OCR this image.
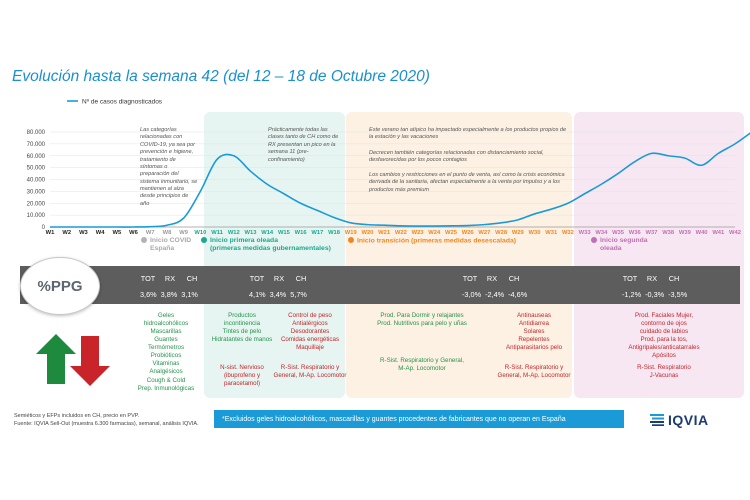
Evolución hasta la semana 42 (del 12 – 18 de Octubre 2020)
0
10.000
20.000
30.000
40.000
50.000
60.000
70.000
80.000
W1 W2 W3 W4 W5 W6 W7 W8 W9 W10 W11 W12 W13 W14 W15 W16 W17 W18 W19 W20 W21 W22 W23 W24 W25 W26 W27 W28 W29 W30 W31 W32 W33 W34 W35 W36 W37 W38 W39 W40 W41 W42
Nº de casos diagnosticados
Las categorías relacionadas con COVID-19, ya sea por prevención e higiene, tratamiento de síntomas o preparación del sistema inmunitario, se mantienen al alza desde principios de año
Prácticamente todas las clases tanto de CH como de RX presentan un pico en la semana 11 (pre- confinamiento)
Este verano tan atípico ha impactado especialmente a los productos propios de la estación y las vacaciones
Decrecen también categorías relacionadas con distanciamiento social, desfavorecidas por los pocos contagios
Los cambios y restricciones en el punto de venta, así como la crisis económica derivada de la sanitaria, afectan especialmente a la venta por impulso y a los productos más premium
Inicio COVID
España
Inicio primera oleada
(primeras medidas gubernamentales)
Inicio transición (primeras medidas desescalada)	Inicio segunda
oleada
%PPG	TOT	RX	CH
3,6% 3,8% 3,1%
TOT	RX	CH
4,1% 3,4% 5,7%
TOT	RX	CH
-3,0% -2,4% -4,6%
TOT	RX	CH
-1,2% -0,3% -3,5%
Geles
hidroalcohólicos
Mascarillas
Guantes
Termómetros
Probióticos
Vitaminas
Analgésicos
Cough & Cold
Prep. Inmunológicas
Productos
incontinencia
Tintes de pelo
Hidratantes de manos
N-sist. Nervioso
(ibuprofeno y
paracetamol)
Control de peso
Antialérgicos
Desodorantes
Comidas energéticas
Maquillaje
R-Sist. Respiratorio y
General, M-Ap. Locomotor
Prod. Para Dormir y relajantes
Prod. Nutritivos para pelo y uñas
R-Sist. Respiratorio y General,
M-Ap. Locomotor
Antinauseas
Antidiarrea
Solares
Repelentes
Antiparasitarios pelo
R-Sist. Respiratorio y
General, M-Ap. Locomotor
Prod. Faciales Mujer,
contorno de ojos
cuidado de labios
Prod. para la tos,
Antigripales/anticatarrales
Apósitos
R-Sist. Respiratorio
J-Vacunas
Semiéticos y EFPs incluidos en CH, precio en PVP.
Fuente: IQVIA Sell-Out (muestra 6.300 farmacias), semanal, análisis IQVIA.
*Excluidos geles hidroalcohólicos, mascarillas y guantes procedentes de fabricantes que no operan en España	IQVIA
